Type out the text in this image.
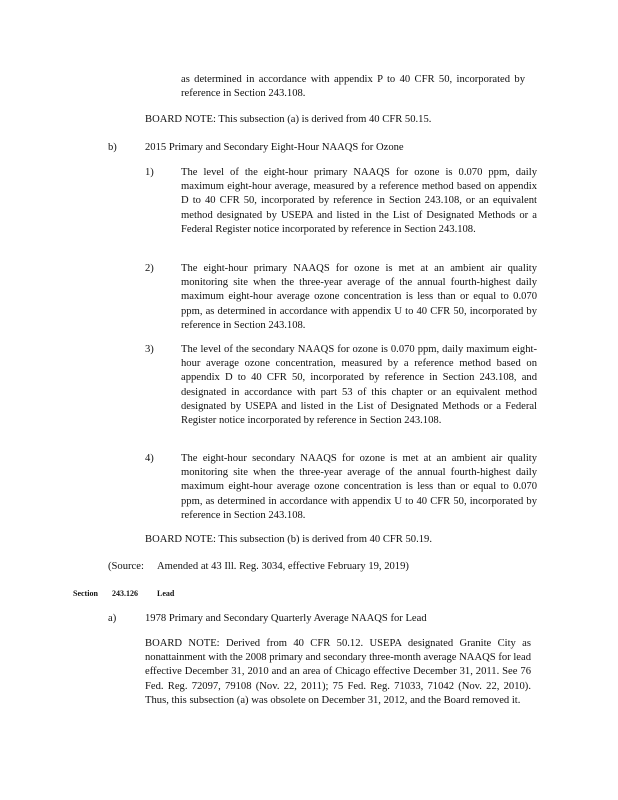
as determined in accordance with appendix P to 40 CFR 50, incorporated by reference in Section 243.108.
BOARD NOTE: This subsection (a) is derived from 40 CFR 50.15.
b)	2015 Primary and Secondary Eight-Hour NAAQS for Ozone
1)	The level of the eight-hour primary NAAQS for ozone is 0.070 ppm, daily maximum eight-hour average, measured by a reference method based on appendix D to 40 CFR 50, incorporated by reference in Section 243.108, or an equivalent method designated by USEPA and listed in the List of Designated Methods or a Federal Register notice incorporated by reference in Section 243.108.
2)	The eight-hour primary NAAQS for ozone is met at an ambient air quality monitoring site when the three-year average of the annual fourth-highest daily maximum eight-hour average ozone concentration is less than or equal to 0.070 ppm, as determined in accordance with appendix U to 40 CFR 50, incorporated by reference in Section 243.108.
3)	The level of the secondary NAAQS for ozone is 0.070 ppm, daily maximum eight-hour average ozone concentration, measured by a reference method based on appendix D to 40 CFR 50, incorporated by reference in Section 243.108, and designated in accordance with part 53 of this chapter or an equivalent method designated by USEPA and listed in the List of Designated Methods or a Federal Register notice incorporated by reference in Section 243.108.
4)	The eight-hour secondary NAAQS for ozone is met at an ambient air quality monitoring site when the three-year average of the annual fourth-highest daily maximum eight-hour average ozone concentration is less than or equal to 0.070 ppm, as determined in accordance with appendix U to 40 CFR 50, incorporated by reference in Section 243.108.
BOARD NOTE: This subsection (b) is derived from 40 CFR 50.19.
(Source: Amended at 43 Ill. Reg. 3034, effective February 19, 2019)
Section 243.126 Lead
a)	1978 Primary and Secondary Quarterly Average NAAQS for Lead
BOARD NOTE: Derived from 40 CFR 50.12. USEPA designated Granite City as nonattainment with the 2008 primary and secondary three-month average NAAQS for lead effective December 31, 2010 and an area of Chicago effective December 31, 2011. See 76 Fed. Reg. 72097, 79108 (Nov. 22, 2011); 75 Fed. Reg. 71033, 71042 (Nov. 22, 2010). Thus, this subsection (a) was obsolete on December 31, 2012, and the Board removed it.
